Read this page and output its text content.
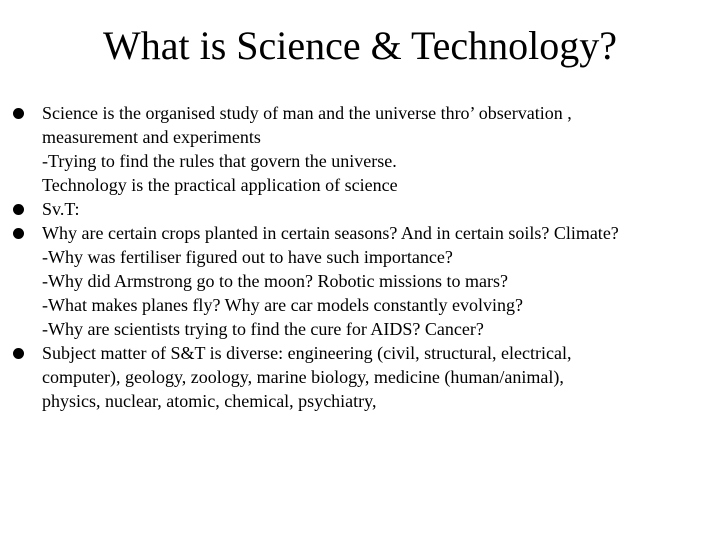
What is Science & Technology?
Science is the organised study of man and the universe thro’ observation ,
measurement and experiments
-Trying to find the rules that govern the universe.
Technology is the practical application of science
Sv.T:
Why are certain crops planted in certain seasons? And in certain soils? Climate?
-Why was fertiliser figured out to have such importance?
-Why did Armstrong go to the moon? Robotic missions to mars?
-What makes planes fly? Why are car models constantly evolving?
-Why are scientists trying to find the cure for AIDS? Cancer?
Subject matter of S&T is diverse: engineering (civil, structural, electrical,
computer), geology, zoology, marine biology, medicine (human/animal),
physics, nuclear, atomic, chemical, psychiatry,
